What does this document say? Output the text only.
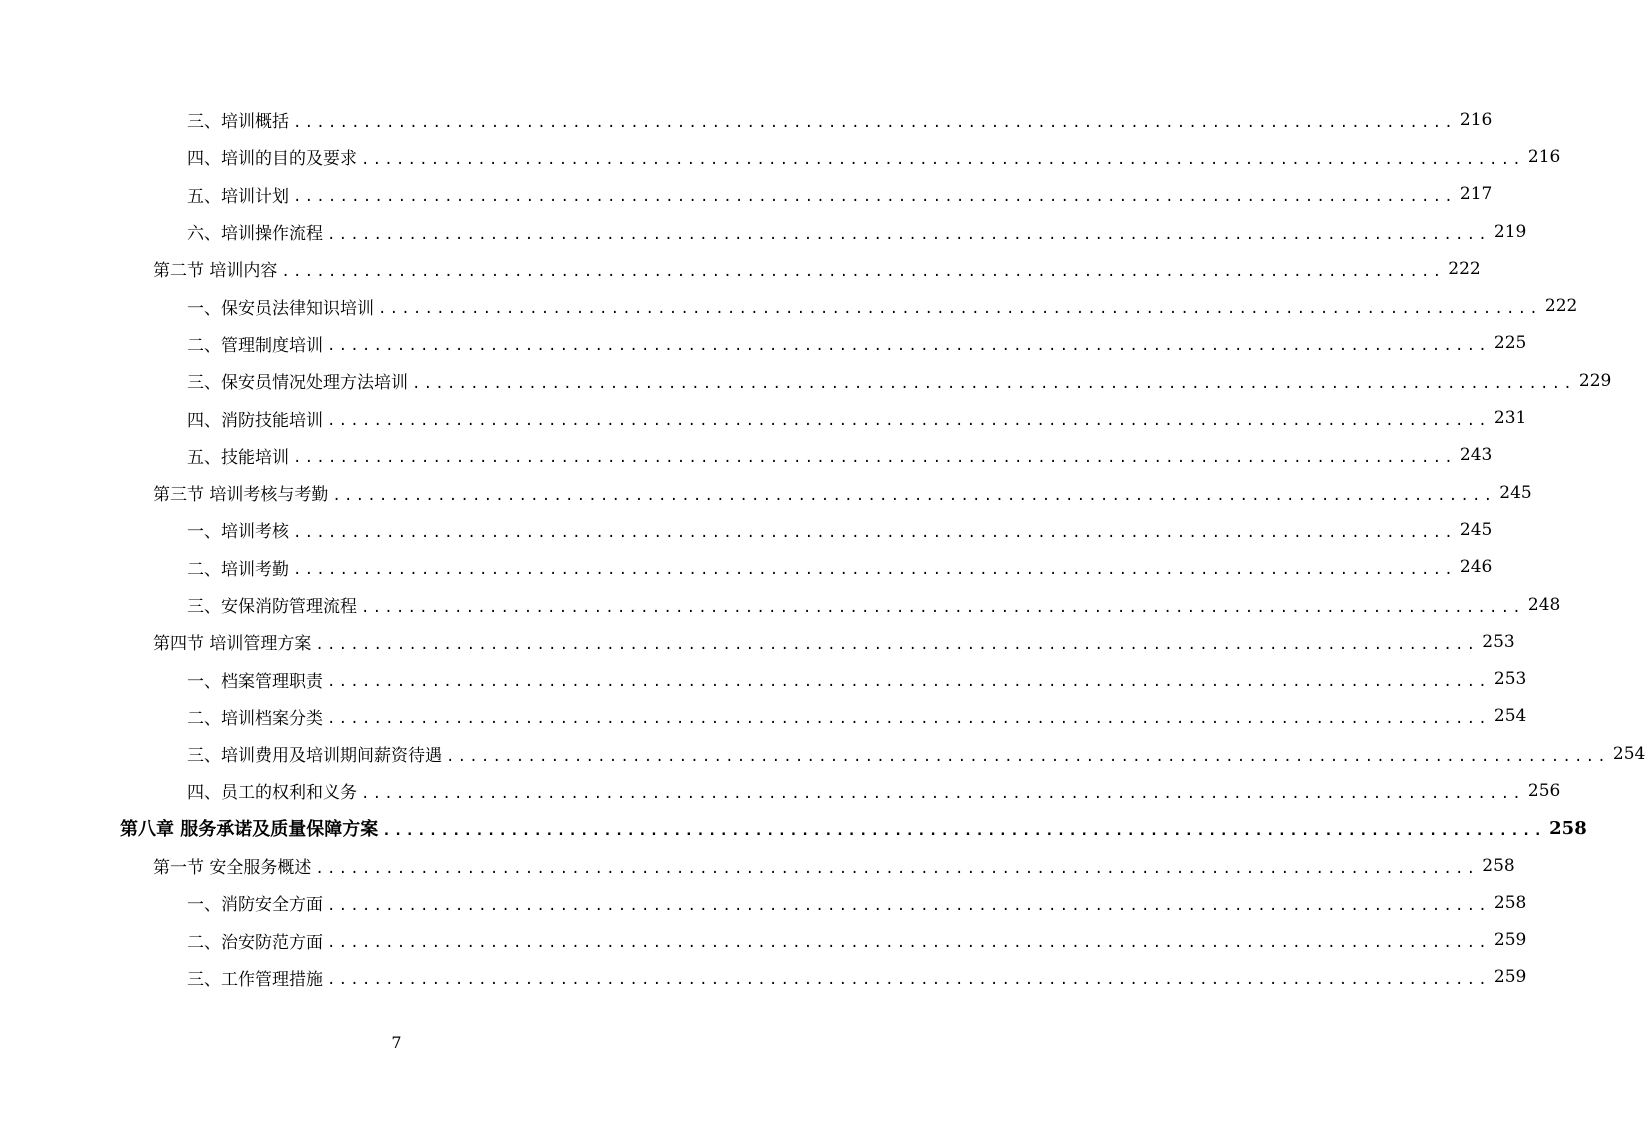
三、培训概括 .................................................................................................... 216
四、培训的目的及要求 .................................................................................................... 216
五、培训计划 .................................................................................................... 217
六、培训操作流程 .................................................................................................... 219
第二节 培训内容 .................................................................................................... 222
一、保安员法律知识培训 .................................................................................................... 222
二、管理制度培训 .................................................................................................... 225
三、保安员情况处理方法培训 .................................................................................................... 229
四、消防技能培训 .................................................................................................... 231
五、技能培训 .................................................................................................... 243
第三节 培训考核与考勤 .................................................................................................... 245
一、培训考核 .................................................................................................... 245
二、培训考勤 .................................................................................................... 246
三、安保消防管理流程 .................................................................................................... 248
第四节 培训管理方案 .................................................................................................... 253
一、档案管理职责 .................................................................................................... 253
二、培训档案分类 .................................................................................................... 254
三、培训费用及培训期间薪资待遇 .................................................................................................... 254
四、员工的权利和义务 .................................................................................................... 256
第八章 服务承诺及质量保障方案 .................................................................................................... 258
第一节 安全服务概述 .................................................................................................... 258
一、消防安全方面 .................................................................................................... 258
二、治安防范方面 .................................................................................................... 259
三、工作管理措施 .................................................................................................... 259
7
